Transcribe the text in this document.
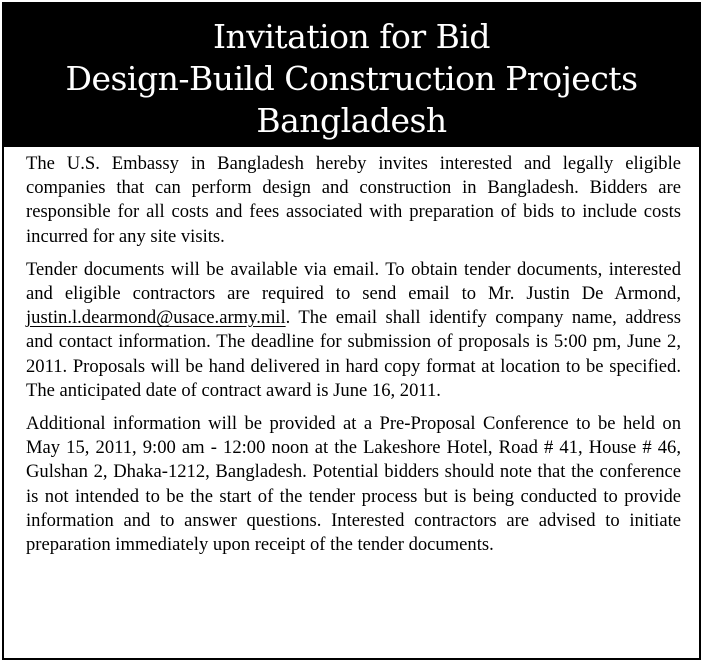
Invitation for Bid
Design-Build Construction Projects
Bangladesh

The U.S. Embassy in Bangladesh hereby invites interested and legally eligible companies that can perform design and construction in Bangladesh. Bidders are responsible for all costs and fees associated with preparation of bids to include costs incurred for any site visits.

Tender documents will be available via email. To obtain tender documents, interested and eligible contractors are required to send email to Mr. Justin De Armond, justin.l.dearmond@usace.army.mil. The email shall identify company name, address and contact information. The deadline for submission of proposals is 5:00 pm, June 2, 2011. Proposals will be hand delivered in hard copy format at location to be specified. The anticipated date of contract award is June 16, 2011.

Additional information will be provided at a Pre-Proposal Conference to be held on May 15, 2011, 9:00 am - 12:00 noon at the Lakeshore Hotel, Road # 41, House # 46, Gulshan 2, Dhaka-1212, Bangladesh. Potential bidders should note that the conference is not intended to be the start of the tender process but is being conducted to provide information and to answer questions. Interested contractors are advised to initiate preparation immediately upon receipt of the tender documents.
